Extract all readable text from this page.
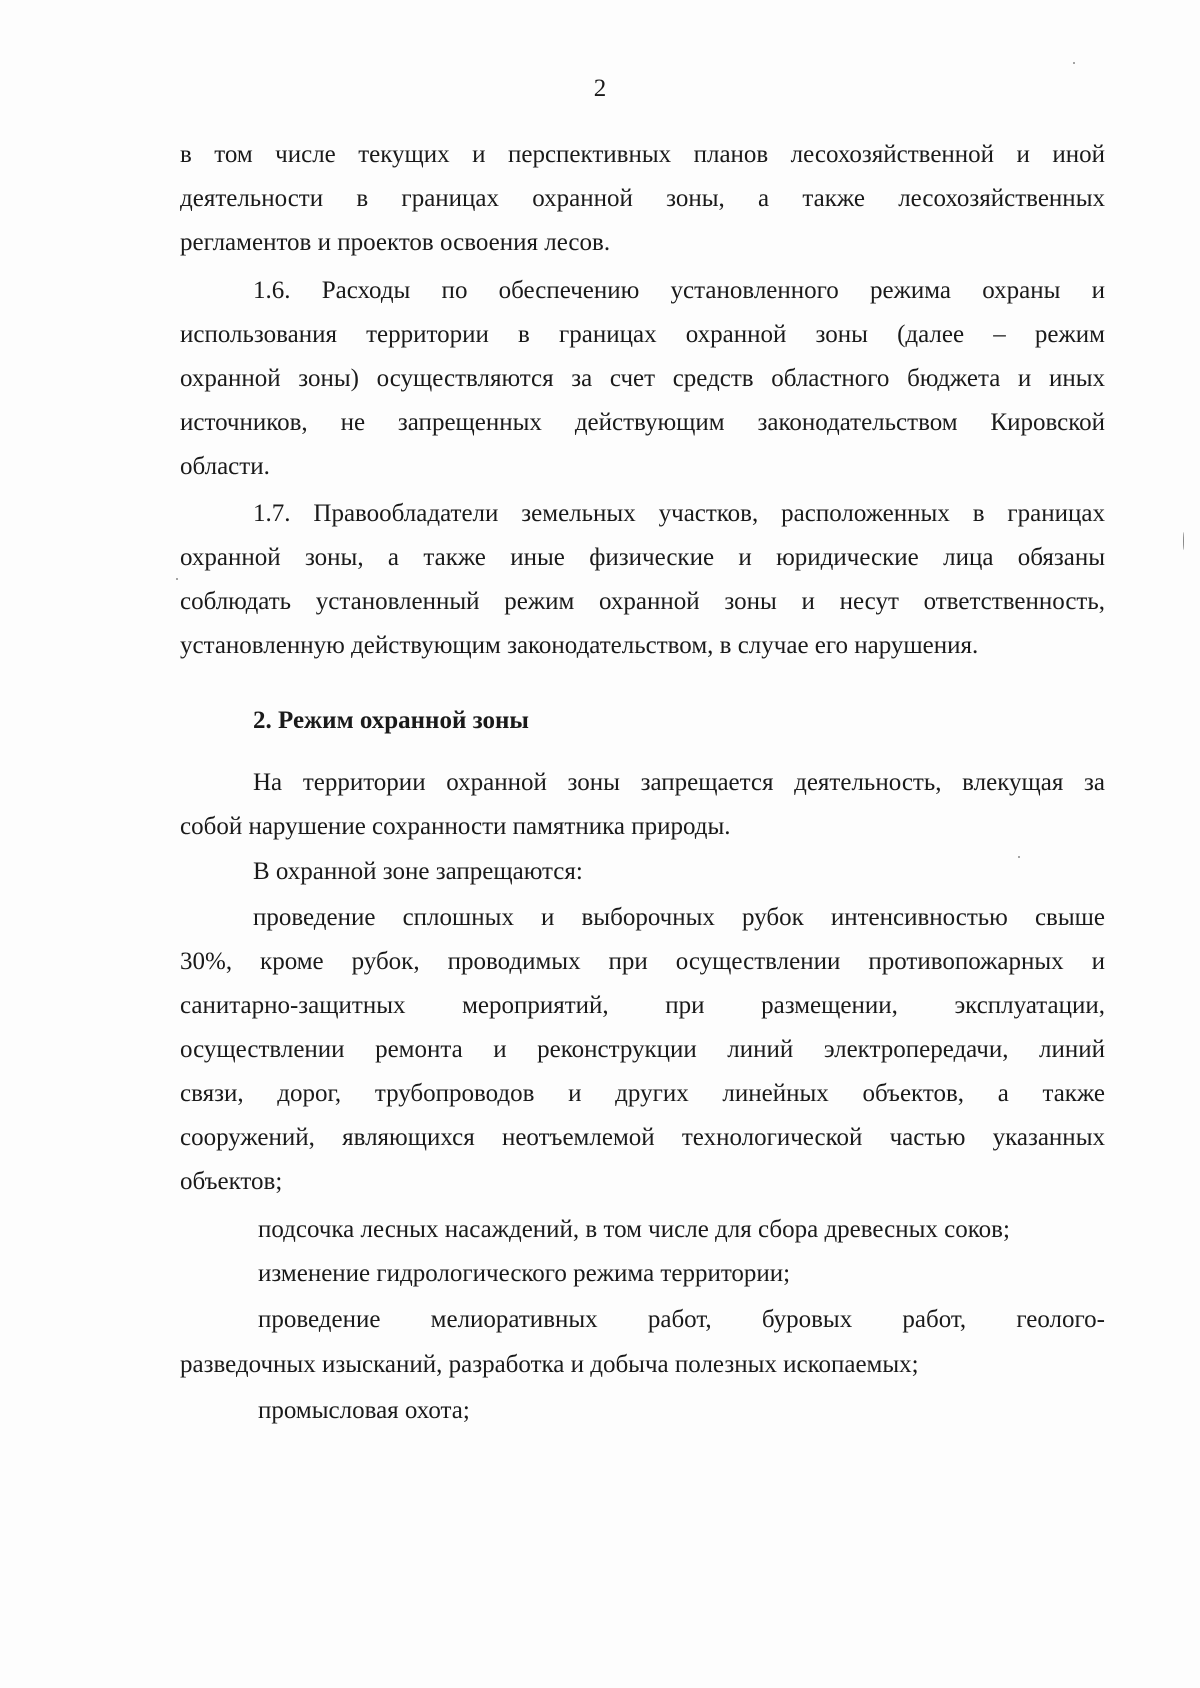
2
в том числе текущих и перспективных планов лесохозяйственной и иной
деятельности в границах охранной зоны, а также лесохозяйственных
регламентов и проектов освоения лесов.
1.6. Расходы по обеспечению установленного режима охраны и
использования территории в границах охранной зоны (далее – режим
охранной зоны) осуществляются за счет средств областного бюджета и иных
источников, не запрещенных действующим законодательством Кировской
области.
1.7. Правообладатели земельных участков, расположенных в границах
охранной зоны, а также иные физические и юридические лица обязаны
соблюдать установленный режим охранной зоны и несут ответственность,
установленную действующим законодательством, в случае его нарушения.
2. Режим охранной зоны
На территории охранной зоны запрещается деятельность, влекущая за
собой нарушение сохранности памятника природы.
В охранной зоне запрещаются:
проведение сплошных и выборочных рубок интенсивностью свыше
30%, кроме рубок, проводимых при осуществлении противопожарных и
санитарно-защитных мероприятий, при размещении, эксплуатации,
осуществлении ремонта и реконструкции линий электропередачи, линий
связи, дорог, трубопроводов и других линейных объектов, а также
сооружений, являющихся неотъемлемой технологической частью указанных
объектов;
подсочка лесных насаждений, в том числе для сбора древесных соков;
изменение гидрологического режима территории;
проведение мелиоративных работ, буровых работ, геолого-
разведочных изысканий, разработка и добыча полезных ископаемых;
промысловая охота;
